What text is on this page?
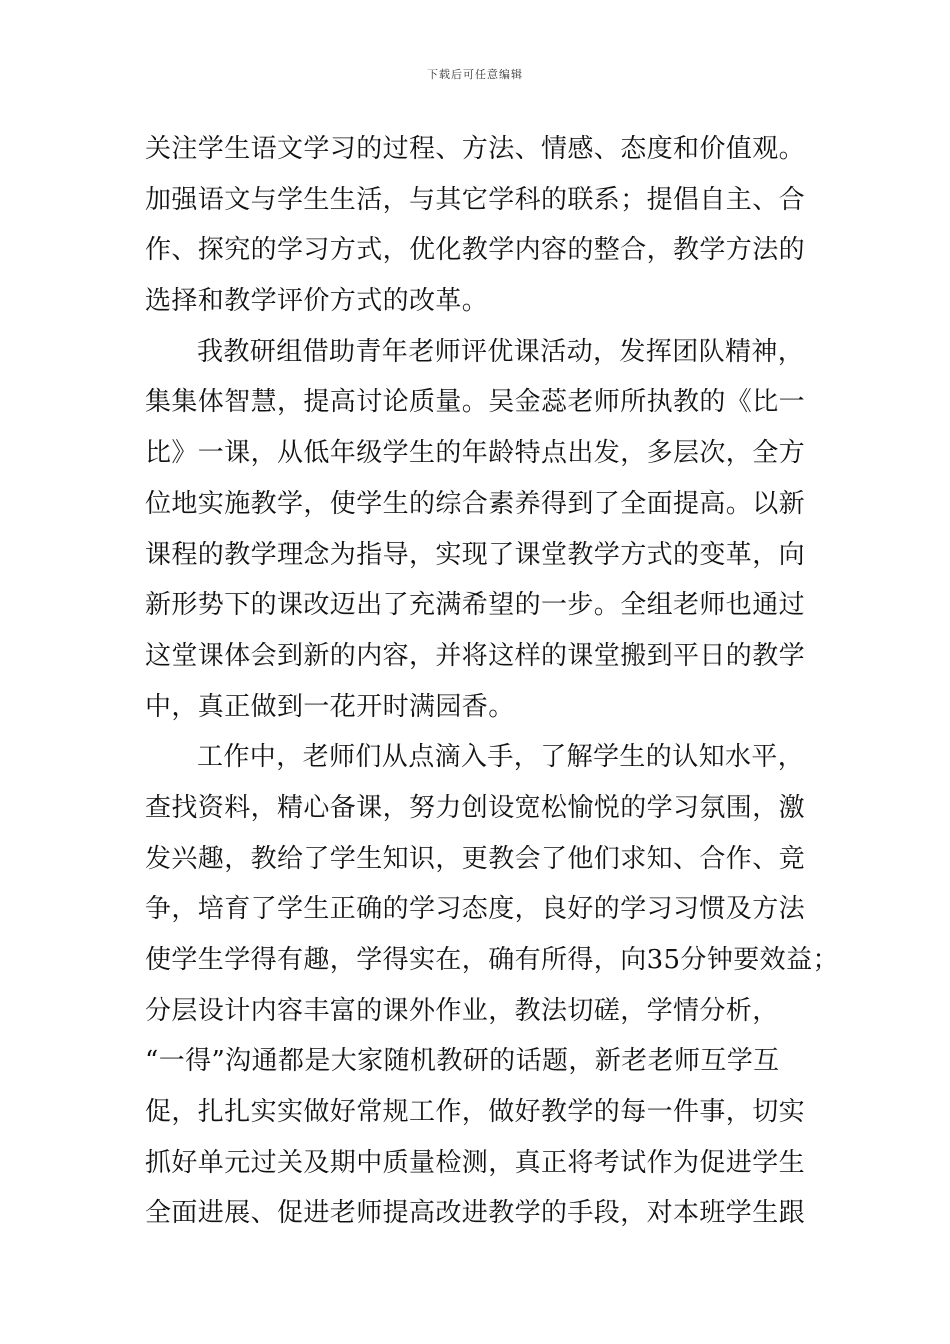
下载后可任意编辑
关注学生语文学习的过程、方法、情感、态度和价值观。
加强语文与学生生活，与其它学科的联系；提倡自主、合
作、探究的学习方式，优化教学内容的整合，教学方法的
选择和教学评价方式的改革。
我教研组借助青年老师评优课活动，发挥团队精神，
集集体智慧，提高讨论质量。吴金蕊老师所执教的《比一
比》一课，从低年级学生的年龄特点出发，多层次，全方
位地实施教学，使学生的综合素养得到了全面提高。以新
课程的教学理念为指导，实现了课堂教学方式的变革，向
新形势下的课改迈出了充满希望的一步。全组老师也通过
这堂课体会到新的内容，并将这样的课堂搬到平日的教学
中，真正做到一花开时满园香。
工作中，老师们从点滴入手，了解学生的认知水平，
查找资料，精心备课，努力创设宽松愉悦的学习氛围，激
发兴趣，教给了学生知识，更教会了他们求知、合作、竞
争，培育了学生正确的学习态度，良好的学习习惯及方法
使学生学得有趣，学得实在，确有所得，向35分钟要效益；
分层设计内容丰富的课外作业，教法切磋，学情分析，
“一得”沟通都是大家随机教研的话题，新老老师互学互
促，扎扎实实做好常规工作，做好教学的每一件事，切实
抓好单元过关及期中质量检测，真正将考试作为促进学生
全面进展、促进老师提高改进教学的手段，对本班学生跟
